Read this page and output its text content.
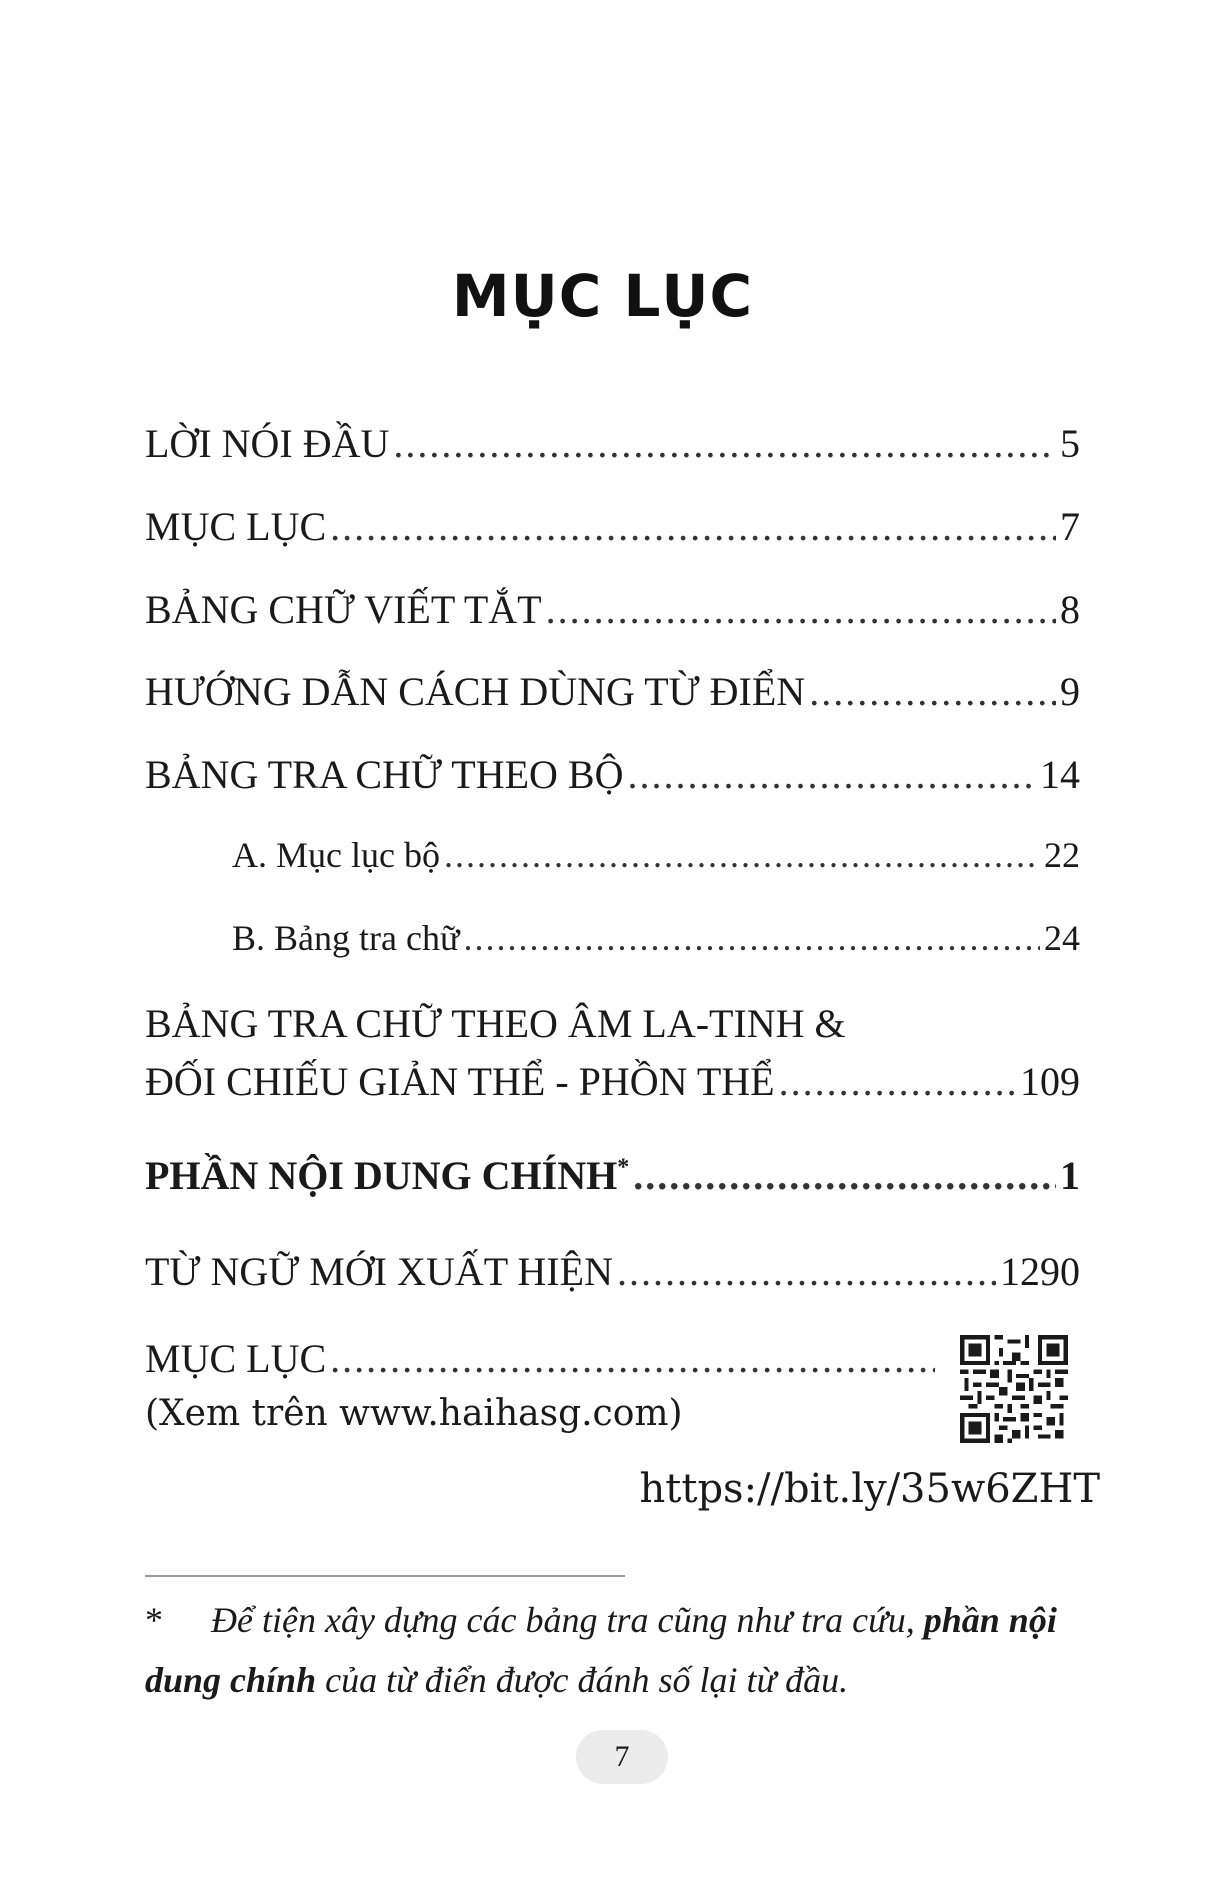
MỤC LỤC
LỜI NÓI ĐẦU .....	5
MỤC LỤC .....	7
BẢNG CHỮ VIẾT TẮT .....	8
HƯỚNG DẪN CÁCH DÙNG TỪ ĐIỂN .....	9
BẢNG TRA CHỮ THEO BỘ .....	14
A. Mục lục bộ .....	22
B. Bảng tra chữ .....	24
BẢNG TRA CHỮ THEO ÂM LA-TINH &
ĐỐI CHIẾU GIẢN THỂ - PHỒN THỂ .....	109
PHẦN NỘI DUNG CHÍNH* .....	1
TỪ NGỮ MỚI XUẤT HIỆN .....	1290
MỤC LỤC
.....
(Xem trên www.haihasg.com)
https://bit.ly/35w6ZHT
* Để tiện xây dựng các bảng tra cũng như tra cứu, phần nội dung chính của từ điển được đánh số lại từ đầu.
7
